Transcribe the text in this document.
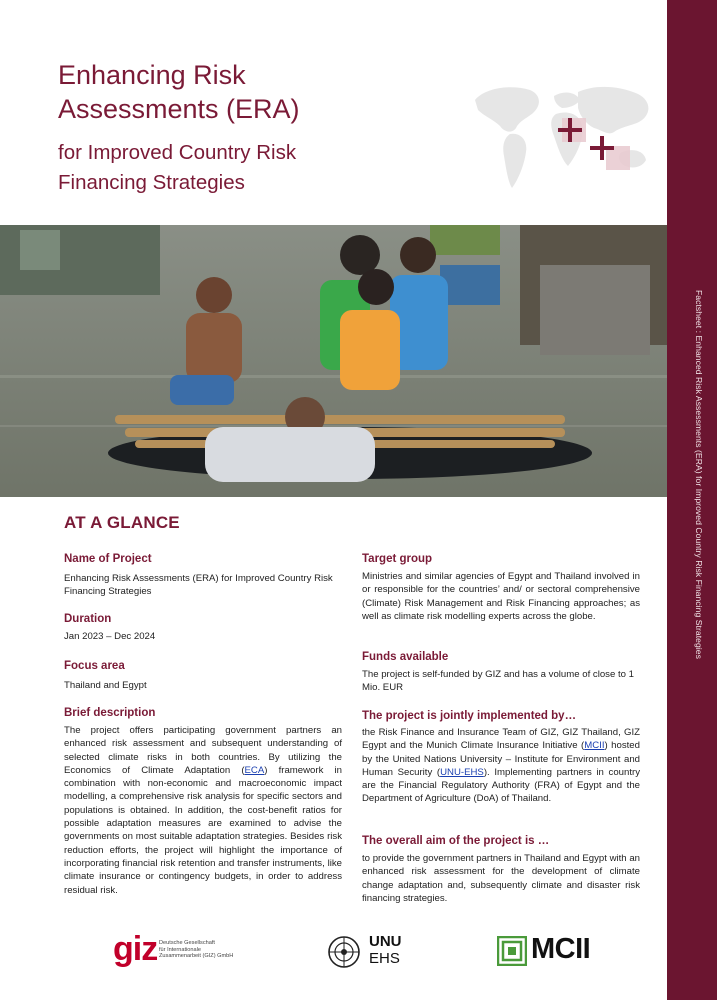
Factsheet : Enhanced Risk Assessments (ERA) for Improved Country Risk Financing Strategies
Enhancing Risk
Assessments (ERA)
for Improved Country Risk
Financing Strategies
AT A GLANCE
Name of Project

Enhancing Risk Assessments (ERA) for Improved Country Risk Financing Strategies

Duration

Jan 2023 – Dec 2024

Focus area

Thailand and Egypt

Brief description

The project offers participating government partners an enhanced risk assessment and subsequent understanding of selected climate risks in both countries. By utilizing the Economics of Climate Adaptation (ECA) framework in combination with non-economic and macroeconomic impact modelling, a comprehensive risk analysis for specific sectors and populations is obtained. In addition, the cost-benefit ratios for possible adaptation measures are examined to advise the governments on most suitable adaptation strategies. Besides risk reduction efforts, the project will highlight the importance of incorporating financial risk retention and transfer instruments, like climate insurance or contingency budgets, in order to address residual risk.

Target group

Ministries and similar agencies of Egypt and Thailand involved in or responsible for the countries’ and/ or sectoral comprehensive (Climate) Risk Management and Risk Financing approaches; as well as climate risk modelling experts across the globe.

Funds available

The project is self-funded by GIZ and has a volume of close to 1 Mio. EUR

The project is jointly implemented by…

the Risk Finance and Insurance Team of GIZ, GIZ Thailand, GIZ Egypt and the Munich Climate Insurance Initiative (MCII) hosted by the United Nations University – Institute for Environment and Human Security (UNU-EHS). Implementing partners in country are the Financial Regulatory Authority (FRA) of Egypt and the Department of Agriculture (DoA) of Thailand.

The overall aim of the project is …

to provide the government partners in Thailand and Egypt with an enhanced risk assessment for the development of climate change adaptation and, subsequently climate and disaster risk financing strategies.

giz Deutsche Gesellschaft
für Internationale
Zusammenarbeit (GIZ) GmbH
UNU
EHS	MCII
